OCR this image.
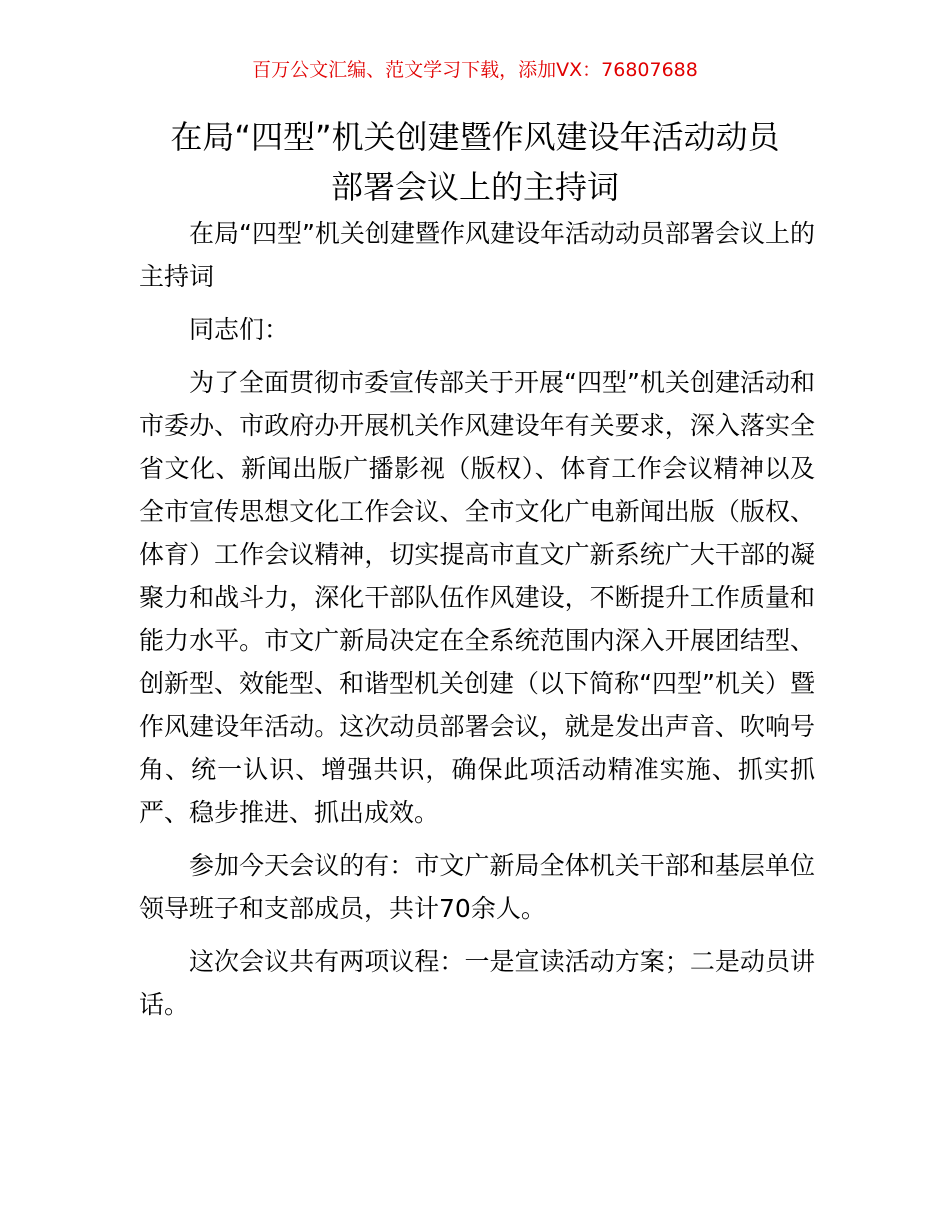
百万公文汇编、范文学习下载，添加VX：76807688
在局“四型”机关创建暨作风建设年活动动员
部署会议上的主持词

在局“四型”机关创建暨作风建设年活动动员部署会议上的主持词

同志们：

为了全面贯彻市委宣传部关于开展“四型”机关创建活动和市委办、市政府办开展机关作风建设年有关要求，深入落实全省文化、新闻出版广播影视（版权）、体育工作会议精神以及全市宣传思想文化工作会议、全市文化广电新闻出版（版权、体育）工作会议精神，切实提高市直文广新系统广大干部的凝聚力和战斗力，深化干部队伍作风建设，不断提升工作质量和能力水平。市文广新局决定在全系统范围内深入开展团结型、创新型、效能型、和谐型机关创建（以下简称“四型”机关）暨作风建设年活动。这次动员部署会议，就是发出声音、吹响号角、统一认识、增强共识，确保此项活动精准实施、抓实抓严、稳步推进、抓出成效。

参加今天会议的有：市文广新局全体机关干部和基层单位领导班子和支部成员，共计70余人。

这次会议共有两项议程：一是宣读活动方案；二是动员讲话。
